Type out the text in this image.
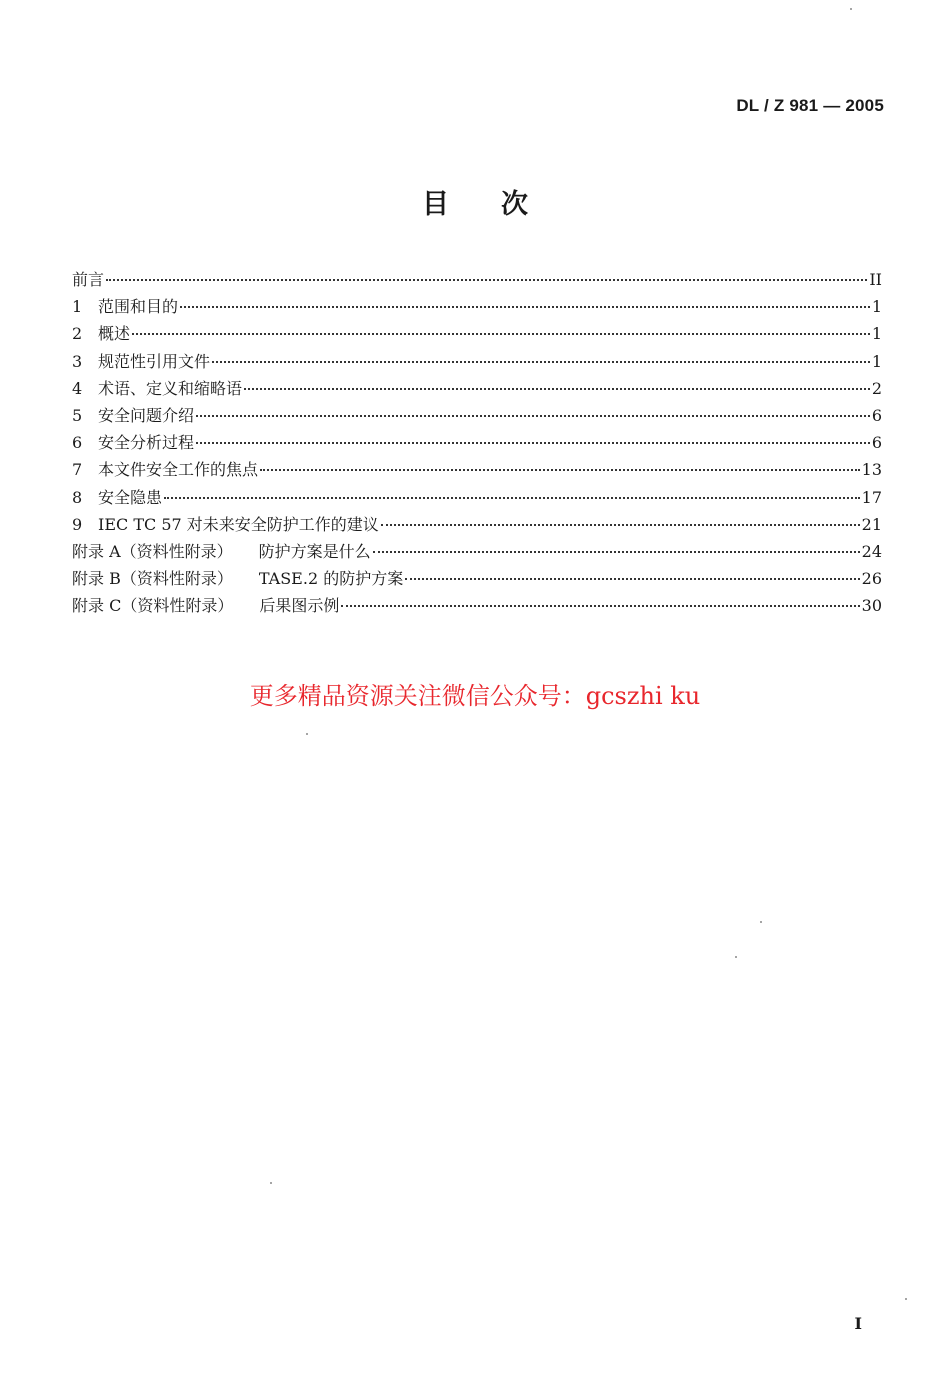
DL / Z 981 — 2005
目 次
前言	II
1 范围和目的	1
2 概述	1
3 规范性引用文件	1
4 术语、定义和缩略语	2
5 安全问题介绍	6
6 安全分析过程	6
7 本文件安全工作的焦点	13
8 安全隐患	17
9 IEC TC 57 对未来安全防护工作的建议	21
附录 A（资料性附录） 防护方案是什么	24
附录 B（资料性附录） TASE.2 的防护方案	26
附录 C（资料性附录） 后果图示例	30
更多精品资源关注微信公众号：gcszhi ku
I
